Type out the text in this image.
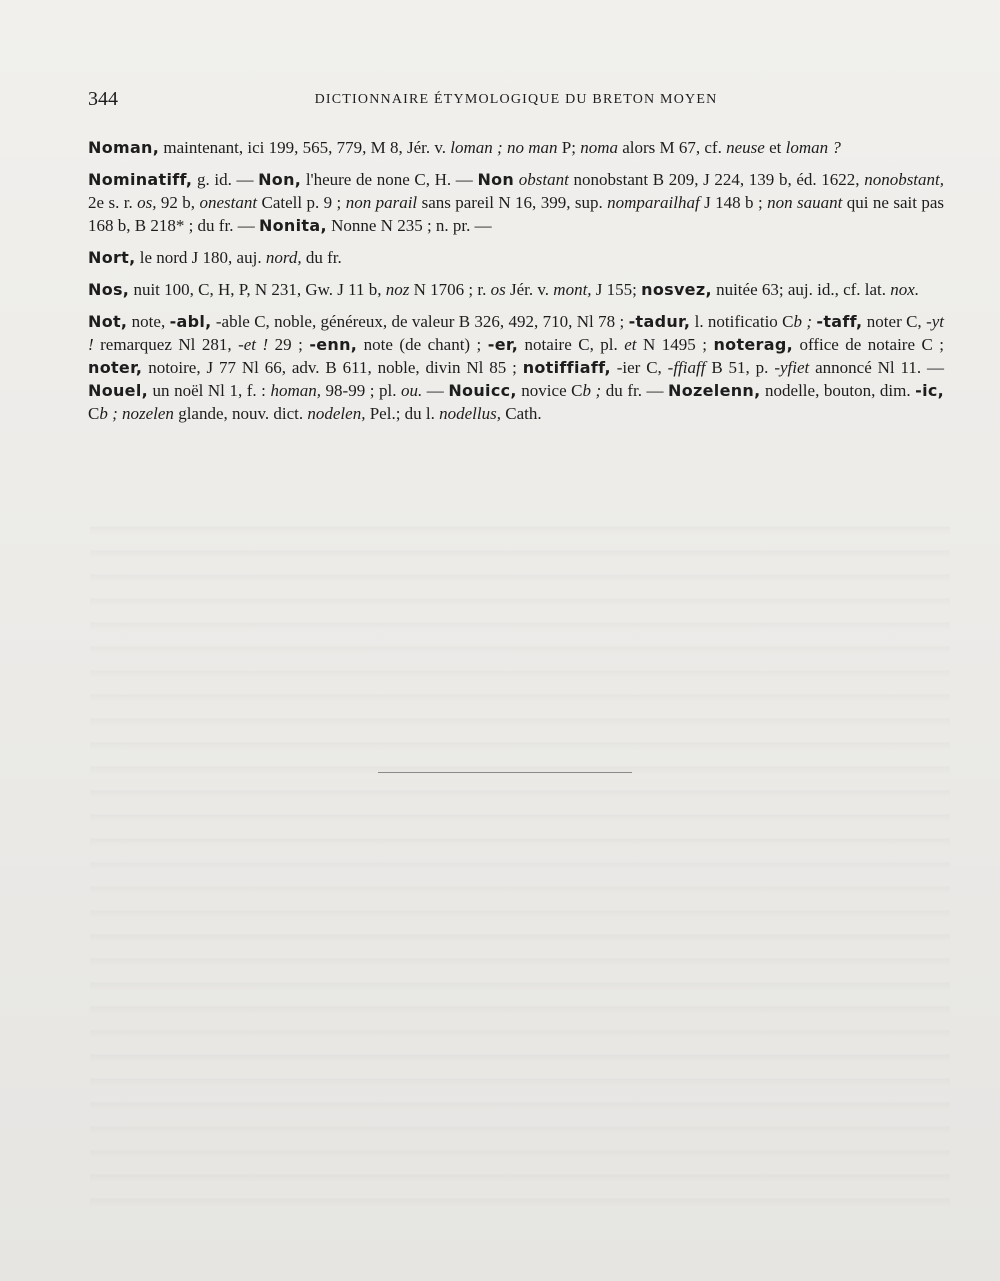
344	DICTIONNAIRE ÉTYMOLOGIQUE DU BRETON MOYEN

Noman, maintenant, ici 199, 565, 779, M 8, Jér. v. loman ; no man P; noma alors M 67, cf. neuse et loman ?

Nominatiff, g. id. — Non, l'heure de none C, H. — Non obstant nonobstant B 209, J 224, 139 b, éd. 1622, nonobstant, 2e s. r. os, 92 b, onestant Catell p. 9 ; non parail sans pareil N 16, 399, sup. nomparailhaf J 148 b ; non sauant qui ne sait pas 168 b, B 218* ; du fr. — Nonita, Nonne N 235 ; n. pr. —

Nort, le nord J 180, auj. nord, du fr.

Nos, nuit 100, C, H, P, N 231, Gw. J 11 b, noz N 1706 ; r. os Jér. v. mont, J 155; nosvez, nuitée 63; auj. id., cf. lat. nox.

Not, note, -abl, -able C, noble, généreux, de valeur B 326, 492, 710, Nl 78 ; -tadur, l. notificatio Cb ; -taff, noter C, -yt ! remarquez Nl 281, -et ! 29 ; -enn, note (de chant) ; -er, notaire C, pl. et N 1495 ; noterag, office de notaire C ; noter, notoire, J 77 Nl 66, adv. B 611, noble, divin Nl 85 ; notiffiaff, -ier C, -ffiaff B 51, p. -yfiet annoncé Nl 11. — Nouel, un noël Nl 1, f. : homan, 98-99 ; pl. ou. — Nouicc, novice Cb ; du fr. — Nozelenn, nodelle, bouton, dim. -ic, Cb ; nozelen glande, nouv. dict. nodelen, Pel.; du l. nodellus, Cath.
